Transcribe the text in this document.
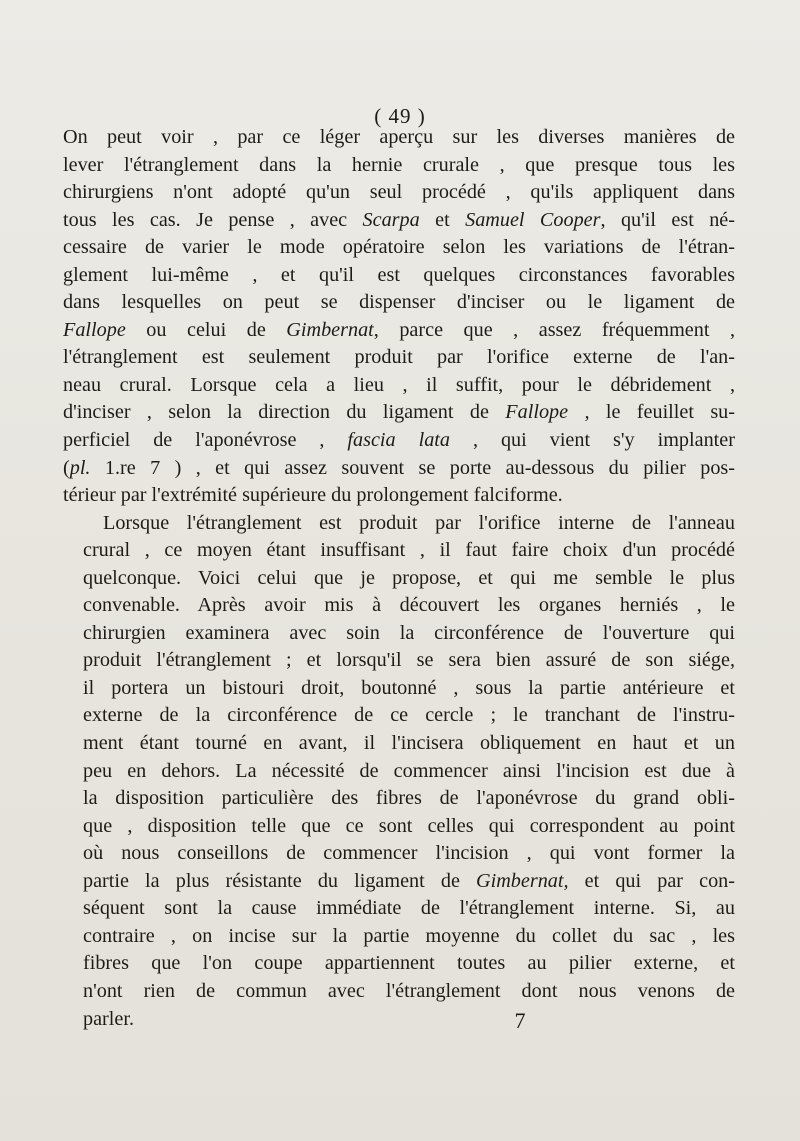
( 49 )

On peut voir , par ce léger aperçu sur les diverses manières de
lever l'étranglement dans la hernie crurale , que presque tous les
chirurgiens n'ont adopté qu'un seul procédé , qu'ils appliquent dans
tous les cas. Je pense , avec Scarpa et Samuel Cooper, qu'il est né-
cessaire de varier le mode opératoire selon les variations de l'étran-
glement lui-même , et qu'il est quelques circonstances favorables
dans lesquelles on peut se dispenser d'inciser ou le ligament de
Fallope ou celui de Gimbernat, parce que , assez fréquemment ,
l'étranglement est seulement produit par l'orifice externe de l'an-
neau crural. Lorsque cela a lieu , il suffit, pour le débridement ,
d'inciser , selon la direction du ligament de Fallope , le feuillet su-
perficiel de l'aponévrose , fascia lata , qui vient s'y implanter
(pl. 1.re 7 ) , et qui assez souvent se porte au-dessous du pilier pos-
térieur par l'extrémité supérieure du prolongement falciforme.

Lorsque l'étranglement est produit par l'orifice interne de l'anneau
crural , ce moyen étant insuffisant , il faut faire choix d'un procédé
quelconque. Voici celui que je propose, et qui me semble le plus
convenable. Après avoir mis à découvert les organes herniés , le
chirurgien examinera avec soin la circonférence de l'ouverture qui
produit l'étranglement ; et lorsqu'il se sera bien assuré de son siége,
il portera un bistouri droit, boutonné , sous la partie antérieure et
externe de la circonférence de ce cercle ; le tranchant de l'instru-
ment étant tourné en avant, il l'incisera obliquement en haut et un
peu en dehors. La nécessité de commencer ainsi l'incision est due à
la disposition particulière des fibres de l'aponévrose du grand obli-
que , disposition telle que ce sont celles qui correspondent au point
où nous conseillons de commencer l'incision , qui vont former la
partie la plus résistante du ligament de Gimbernat, et qui par con-
séquent sont la cause immédiate de l'étranglement interne. Si, au
contraire , on incise sur la partie moyenne du collet du sac , les
fibres que l'on coupe appartiennent toutes au pilier externe, et
n'ont rien de commun avec l'étranglement dont nous venons de
parler.	7
